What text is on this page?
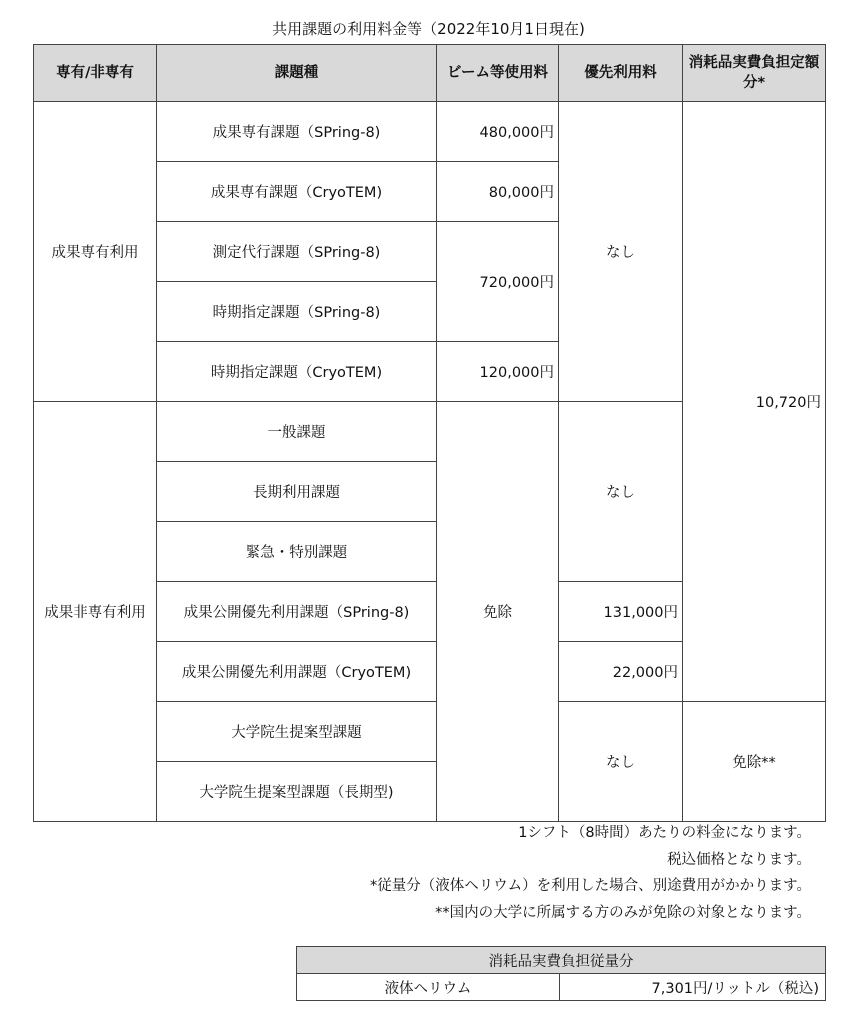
共用課題の利用料金等（2022年10月1日現在)
専有/非専有	課題種	ビーム等使用料	優先利用料	消耗品実費負担定額分*
成果専有利用	成果専有課題（SPring-8)	480,000円	なし	10,720円
	成果専有課題（CryoTEM)	80,000円		
	測定代行課題（SPring-8)	720,000円		
	時期指定課題（SPring-8)			
	時期指定課題（CryoTEM)	120,000円		
成果非専有利用	一般課題	免除	なし	
	長期利用課題			
	緊急・特別課題			
	成果公開優先利用課題（SPring-8)		131,000円	
	成果公開優先利用課題（CryoTEM)		22,000円	
	大学院生提案型課題		なし	免除**
	大学院生提案型課題（長期型)			
1シフト（8時間）あたりの料金になります。
税込価格となります。
*従量分（液体ヘリウム）を利用した場合、別途費用がかかります。
**国内の大学に所属する方のみが免除の対象となります。
消耗品実費負担従量分
液体ヘリウム	7,301円/リットル（税込)
